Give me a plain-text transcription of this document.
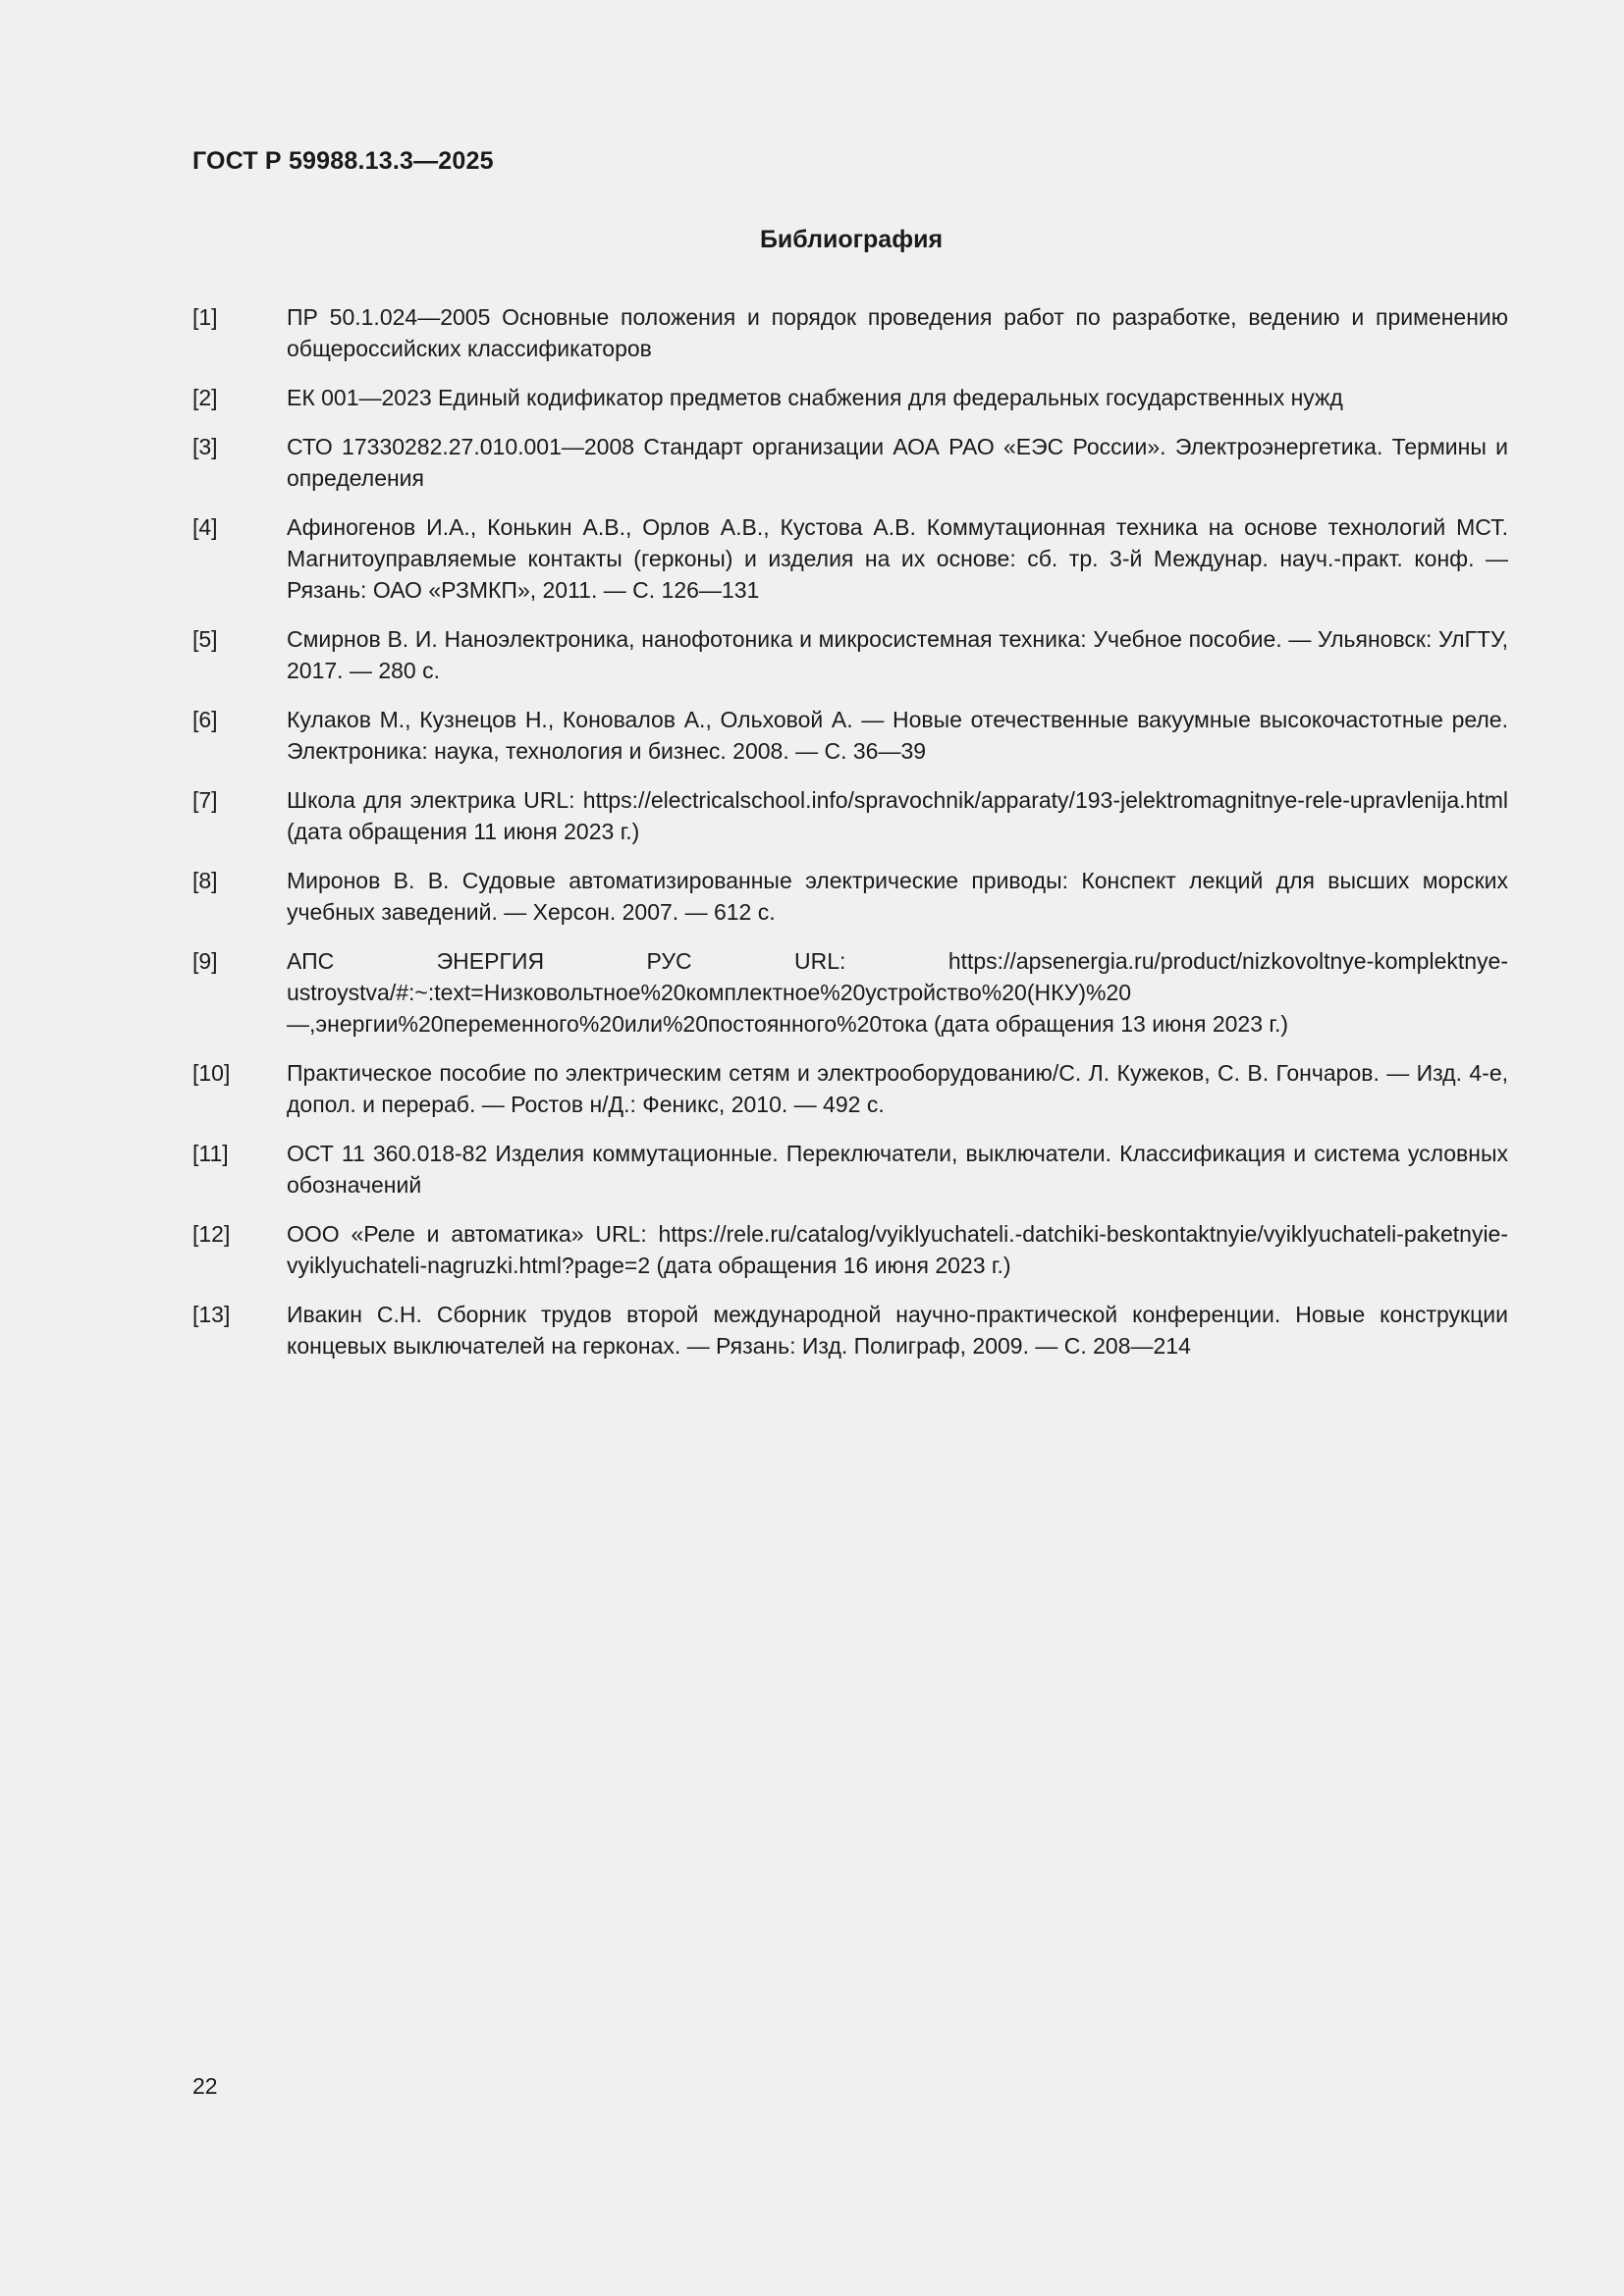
ГОСТ Р 59988.13.3—2025
Библиография
[1]	ПР 50.1.024—2005 Основные положения и порядок проведения работ по разработке, ведению и применению общероссийских классификаторов
[2]	ЕК 001—2023 Единый кодификатор предметов снабжения для федеральных государственных нужд
[3]	СТО 17330282.27.010.001—2008 Стандарт организации АОА РАО «ЕЭС России». Электроэнергетика. Термины и определения
[4]	Афиногенов И.А., Конькин А.В., Орлов А.В., Кустова А.В. Коммутационная техника на основе технологий МСТ. Магнитоуправляемые контакты (герконы) и изделия на их основе: сб. тр. 3-й Междунар. науч.-практ. конф. — Рязань: ОАО «РЗМКП», 2011. — С. 126—131
[5]	Смирнов В. И. Наноэлектроника, нанофотоника и микросистемная техника: Учебное пособие. — Ульяновск: УлГТУ, 2017. — 280 с.
[6]	Кулаков М., Кузнецов Н., Коновалов А., Ольховой А. — Новые отечественные вакуумные высокочастотные реле. Электроника: наука, технология и бизнес. 2008. — С. 36—39
[7]	Школа для электрика URL: https://electricalschool.info/spravochnik/apparaty/193-jelektromagnitnye-rele-upravlenija.html (дата обращения 11 июня 2023 г.)
[8]	Миронов В. В. Судовые автоматизированные электрические приводы: Конспект лекций для высших морских учебных заведений. — Херсон. 2007. — 612 с.
[9]	АПС ЭНЕРГИЯ РУС URL: https://apsenergia.ru/product/nizkovoltnye-komplektnye-ustroystva/#:~:text=Низковольтное%20комплектное%20устройство%20(НКУ)%20—,энергии%20переменного%20или%20постоянного%20тока (дата обращения 13 июня 2023 г.)
[10]	Практическое пособие по электрическим сетям и электрооборудованию/С. Л. Кужеков, С. В. Гончаров. — Изд. 4-е, допол. и перераб. — Ростов н/Д.: Феникс, 2010. — 492 с.
[11]	ОСТ 11 360.018-82 Изделия коммутационные. Переключатели, выключатели. Классификация и система условных обозначений
[12]	ООО «Реле и автоматика» URL: https://rele.ru/catalog/vyiklyuchateli.-datchiki-beskontaktnyie/vyiklyuchateli-paketnyie-vyiklyuchateli-nagruzki.html?page=2 (дата обращения 16 июня 2023 г.)
[13]	Ивакин С.Н. Сборник трудов второй международной научно-практической конференции. Новые конструкции концевых выключателей на герконах. — Рязань: Изд. Полиграф, 2009. — С. 208—214
22
